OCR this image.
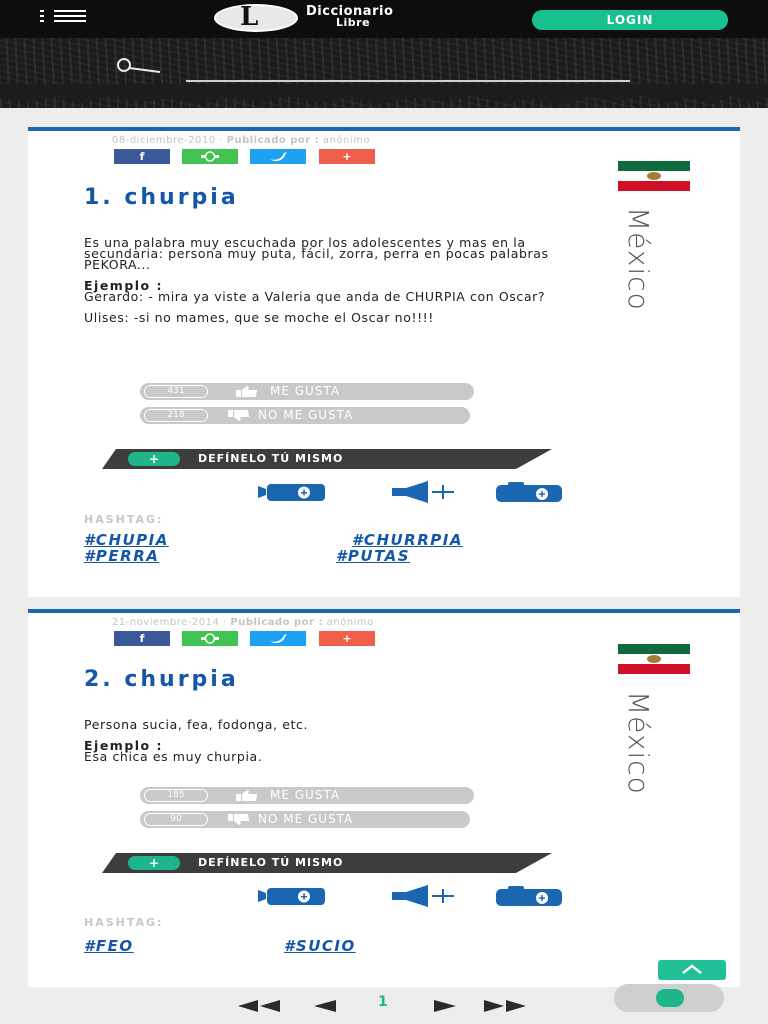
L	Diccionario
Libre	LOGIN
08-diciembre-2010 · Publicado por : anónimo
f	+
1. churpia

Es una palabra muy escuchada por los adolescentes y mas en la secundaria: persona muy puta, fácil, zorra, perra en pocas palabras PEKORA...

Ejemplo :

Gerardo: - mira ya viste a Valeria que anda de CHURPIA con Oscar?

Ulises: -si no mames, que se moche el Oscar no!!!!

México
431	ME GUSTA
218	NO ME GUSTA
+	DEFÍNELO TÚ MISMO
HASHTAG:
#CHUPIA	#CHURRPIA
#PERRA	#PUTAS
21-noviembre-2014 · Publicado por : anónimo
f	+
2. churpia

Persona sucia, fea, fodonga, etc.

Ejemplo :

Esa chica es muy churpia.	México
185	ME GUSTA
90	NO ME GUSTA
+	DEFÍNELO TÚ MISMO
HASHTAG:
#FEO	#SUCIO
1
